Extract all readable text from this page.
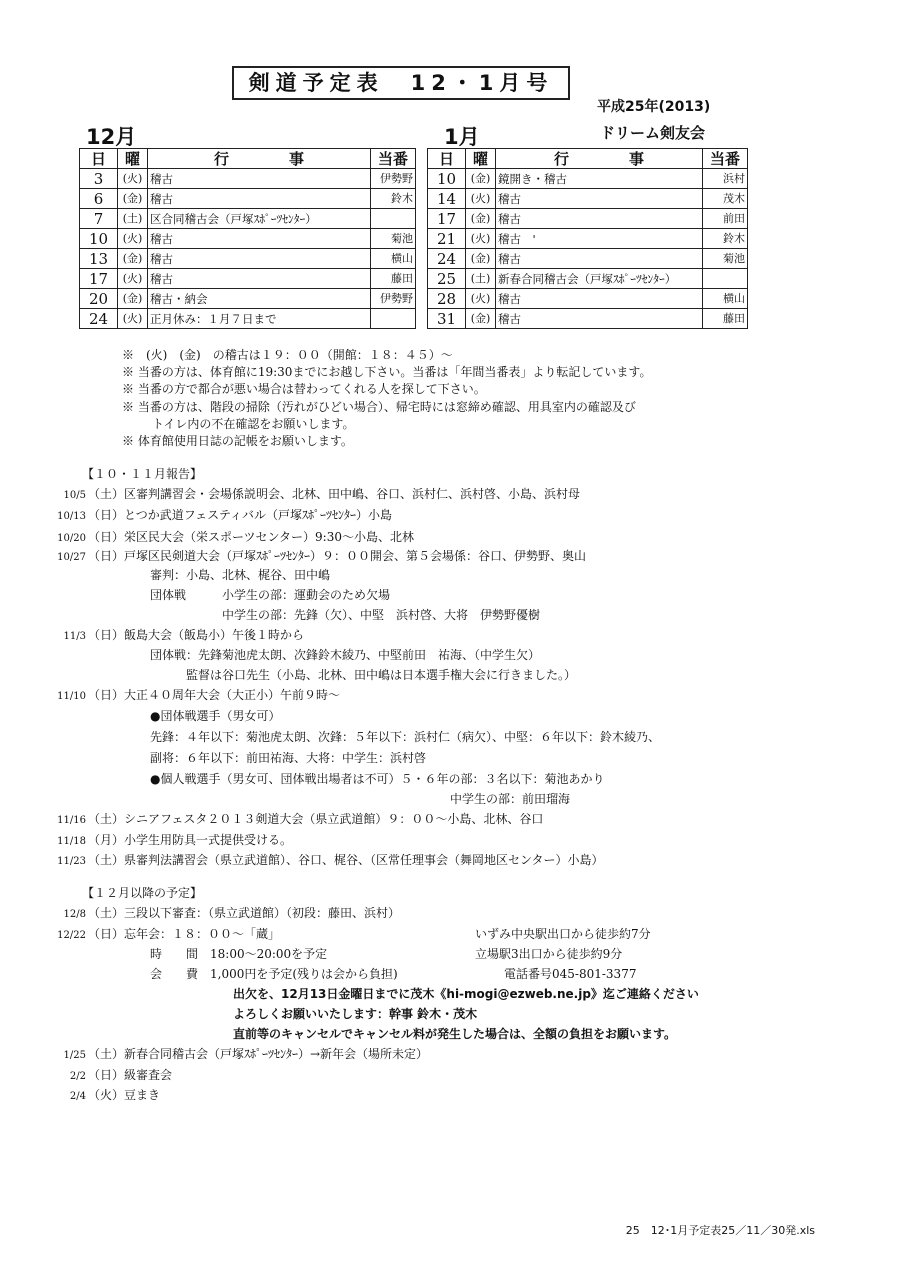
剣道予定表　12・1月号
平成25年(2013)
12月	1月	ドリーム剣友会
日	曜	行　　　　事	当番
3	(火)	稽古	伊勢野
6	(金)	稽古	鈴木
7	(土)	区合同稽古会（戸塚ｽﾎﾟｰﾂｾﾝﾀｰ）	
10	(火)	稽古	菊池
13	(金)	稽古	横山
17	(火)	稽古	藤田
20	(金)	稽古・納会	伊勢野
24	(火)	正月休み：１月７日まで	
日	曜	行　　　　事	当番
10	(金)	鏡開き・稽古	浜村
14	(火)	稽古	茂木
17	(金)	稽古	前田
21	(火)	稽古　'	鈴木
24	(金)	稽古	菊池
25	(土)	新春合同稽古会（戸塚ｽﾎﾟｰﾂｾﾝﾀｰ）	
28	(火)	稽古	横山
31	(金)	稽古	藤田
※　(火)　(金)　の稽古は１９：００（開館：１８：４５）～
※ 当番の方は、体育館に19:30までにお越し下さい。当番は「年間当番表」より転記しています。
※ 当番の方で都合が悪い場合は替わってくれる人を探して下さい。
※ 当番の方は、階段の掃除（汚れがひどい場合）、帰宅時には窓締め確認、用具室内の確認及び
トイレ内の不在確認をお願いします。
※ 体育館使用日誌の記帳をお願いします。
【１０・１１月報告】
10/5 （土）区審判講習会・会場係説明会、北林、田中嶋、谷口、浜村仁、浜村啓、小島、浜村母
10/13 （日）とつか武道フェスティバル（戸塚ｽﾎﾟｰﾂｾﾝﾀｰ）小島
10/20 （日）栄区民大会（栄スポーツセンター）9:30～小島、北林
10/27 （日）戸塚区民剣道大会（戸塚ｽﾎﾟｰﾂｾﾝﾀｰ）９：００開会、第５会場係：谷口、伊勢野、奥山
審判：小島、北林、梶谷、田中嶋
団体戦　　　小学生の部：運動会のため欠場
　　　　　　中学生の部：先鋒（欠）、中堅　浜村啓、大将　伊勢野優樹
11/3 （日）飯島大会（飯島小）午後１時から
団体戦：先鋒菊池虎太朗、次鋒鈴木綾乃、中堅前田　祐海、（中学生欠）
　　　監督は谷口先生（小島、北林、田中嶋は日本選手権大会に行きました。）
11/10 （日）大正４０周年大会（大正小）午前９時～
●団体戦選手（男女可）
先鋒：４年以下：菊池虎太朗、次鋒：５年以下：浜村仁（病欠）、中堅：６年以下：鈴木綾乃、
副将：６年以下：前田祐海、大将：中学生：浜村啓
●個人戦選手（男女可、団体戦出場者は不可）５・６年の部：３名以下：菊池あかり
　　　　　　　　　　　　　　　　　　　　　　　　　中学生の部：前田瑠海
11/16 （土）シニアフェスタ２０１３剣道大会（県立武道館）９：００～小島、北林、谷口
11/18 （月）小学生用防具一式提供受ける。
11/23 （土）県審判法講習会（県立武道館）、谷口、梶谷、（区常任理事会（舞岡地区センター）小島）
【１２月以降の予定】
12/8 （土）三段以下審査：（県立武道館）（初段：藤田、浜村）
12/22 （日）忘年会：１８：００～「蔵」	いずみ中央駅出口から徒歩約7分
時　　間　18:00～20:00を予定	立場駅3出口から徒歩約9分
会　　費　1,000円を予定(残りは会から負担)	電話番号045-801-3377
出欠を、12月13日金曜日までに茂木《hi-mogi@ezweb.ne.jp》迄ご連絡ください
よろしくお願いいたします：幹事 鈴木・茂木
直前等のキャンセルでキャンセル料が発生した場合は、全額の負担をお願います。
1/25 （土）新春合同稽古会（戸塚ｽﾎﾟｰﾂｾﾝﾀｰ）→新年会（場所未定）
2/2 （日）級審査会
2/4 （火）豆まき
25　12･1月予定表25／11／30発.xls
